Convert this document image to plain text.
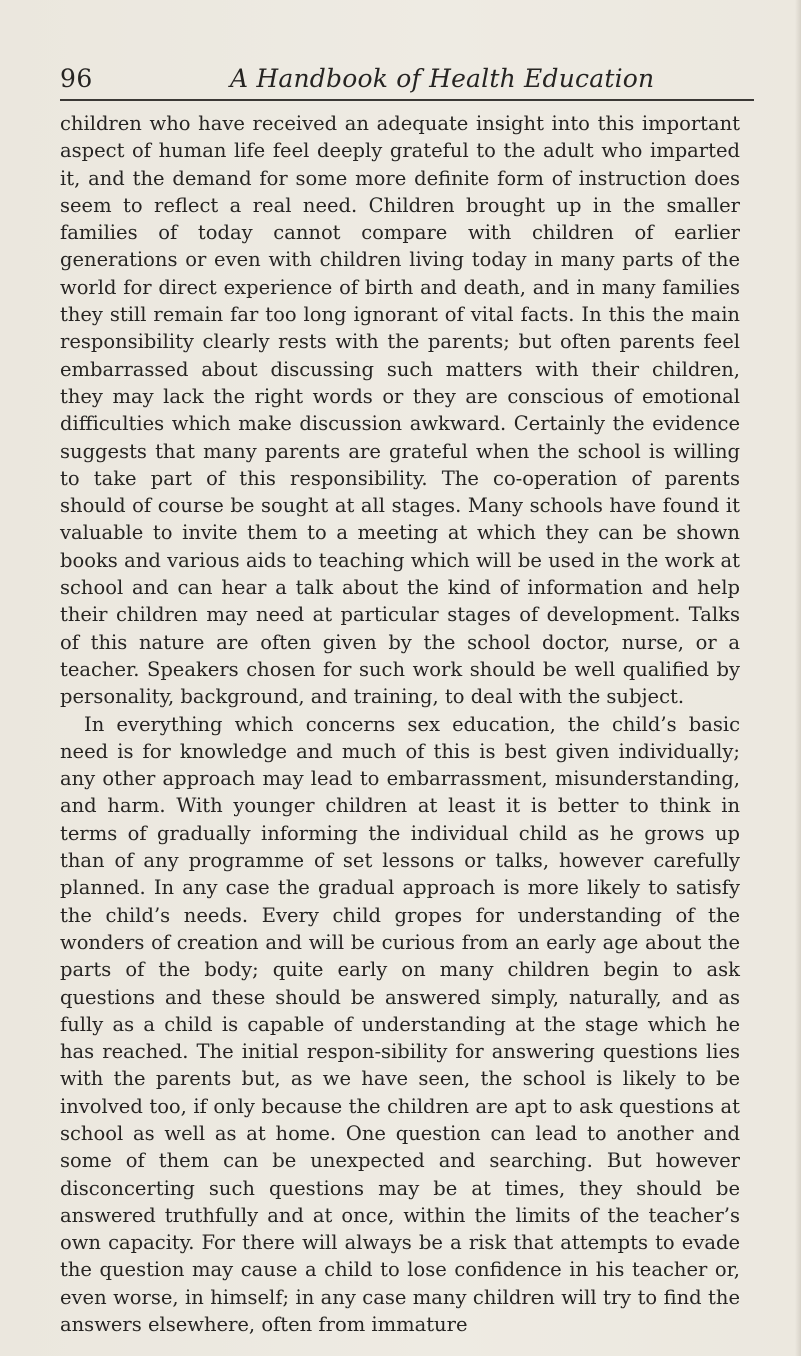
96	A Handbook of Health Education

children who have received an adequate insight into this important aspect of human life feel deeply grateful to the adult who imparted it, and the demand for some more definite form of instruction does seem to reflect a real need. Children brought up in the smaller families of today cannot compare with children of earlier generations or even with children living today in many parts of the world for direct experience of birth and death, and in many families they still remain far too long ignorant of vital facts. In this the main responsibility clearly rests with the parents; but often parents feel embarrassed about discussing such matters with their children, they may lack the right words or they are conscious of emotional difficulties which make discussion awkward. Certainly the evidence suggests that many parents are grateful when the school is willing to take part of this responsibility. The co-operation of parents should of course be sought at all stages. Many schools have found it valuable to invite them to a meeting at which they can be shown books and various aids to teaching which will be used in the work at school and can hear a talk about the kind of information and help their children may need at particular stages of development. Talks of this nature are often given by the school doctor, nurse, or a teacher. Speakers chosen for such work should be well qualified by personality, background, and training, to deal with the subject.

In everything which concerns sex education, the child’s basic need is for knowledge and much of this is best given individually; any other approach may lead to embarrassment, misunderstanding, and harm. With younger children at least it is better to think in terms of gradually informing the individual child as he grows up than of any programme of set lessons or talks, however carefully planned. In any case the gradual approach is more likely to satisfy the child’s needs. Every child gropes for understanding of the wonders of creation and will be curious from an early age about the parts of the body; quite early on many children begin to ask questions and these should be answered simply, naturally, and as fully as a child is capable of understanding at the stage which he has reached. The initial respon-sibility for answering questions lies with the parents but, as we have seen, the school is likely to be involved too, if only because the children are apt to ask questions at school as well as at home. One question can lead to another and some of them can be unexpected and searching. But however disconcerting such questions may be at times, they should be answered truthfully and at once, within the limits of the teacher’s own capacity. For there will always be a risk that attempts to evade the question may cause a child to lose confidence in his teacher or, even worse, in himself; in any case many children will try to find the answers elsewhere, often from immature
